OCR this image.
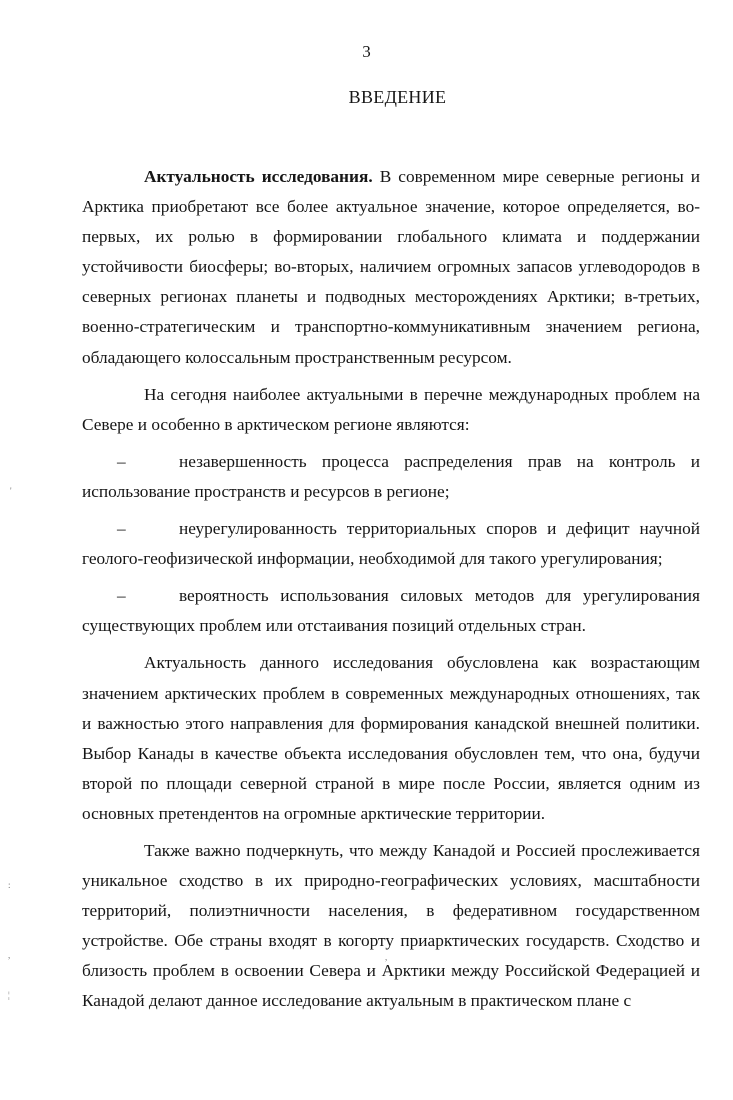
3

ВВЕДЕНИЕ

Актуальность исследования. В современном мире северные регионы и Арктика приобретают все более актуальное значение, которое определяется, во-первых, их ролью в формировании глобального климата и поддержании устойчивости биосферы; во-вторых, наличием огромных запасов углеводородов в северных регионах планеты и подводных месторождениях Арктики; в-третьих, военно-стратегическим и транспортно-коммуникативным значением региона, обладающего колоссальным пространственным ресурсом.

На сегодня наиболее актуальными в перечне международных проблем на Севере и особенно в арктическом регионе являются:

–	незавершенность процесса распределения прав на контроль и использование пространств и ресурсов в регионе;

–	неурегулированность территориальных споров и дефицит научной геолого-геофизической информации, необходимой для такого урегулирования;

–	вероятность использования силовых методов для урегулирования существующих проблем или отстаивания позиций отдельных стран.

Актуальность данного исследования обусловлена как возрастающим значением арктических проблем в современных международных отношениях, так и важностью этого направления для формирования канадской внешней политики. Выбор Канады в качестве объекта исследования обусловлен тем, что она, будучи второй по площади северной страной в мире после России, является одним из основных претендентов на огромные арктические территории.

Также важно подчеркнуть, что между Канадой и Россией прослеживается уникальное сходство в их природно-географических условиях, масштабности территорий, полиэтничности населения, в федеративном государственном устройстве. Обе страны входят в когорту приарктических государств. Сходство и близость проблем в освоении Севера и Арктики между Российской Федерацией и Канадой делают данное исследование актуальным в практическом плане с

'
:
,
¦
,
